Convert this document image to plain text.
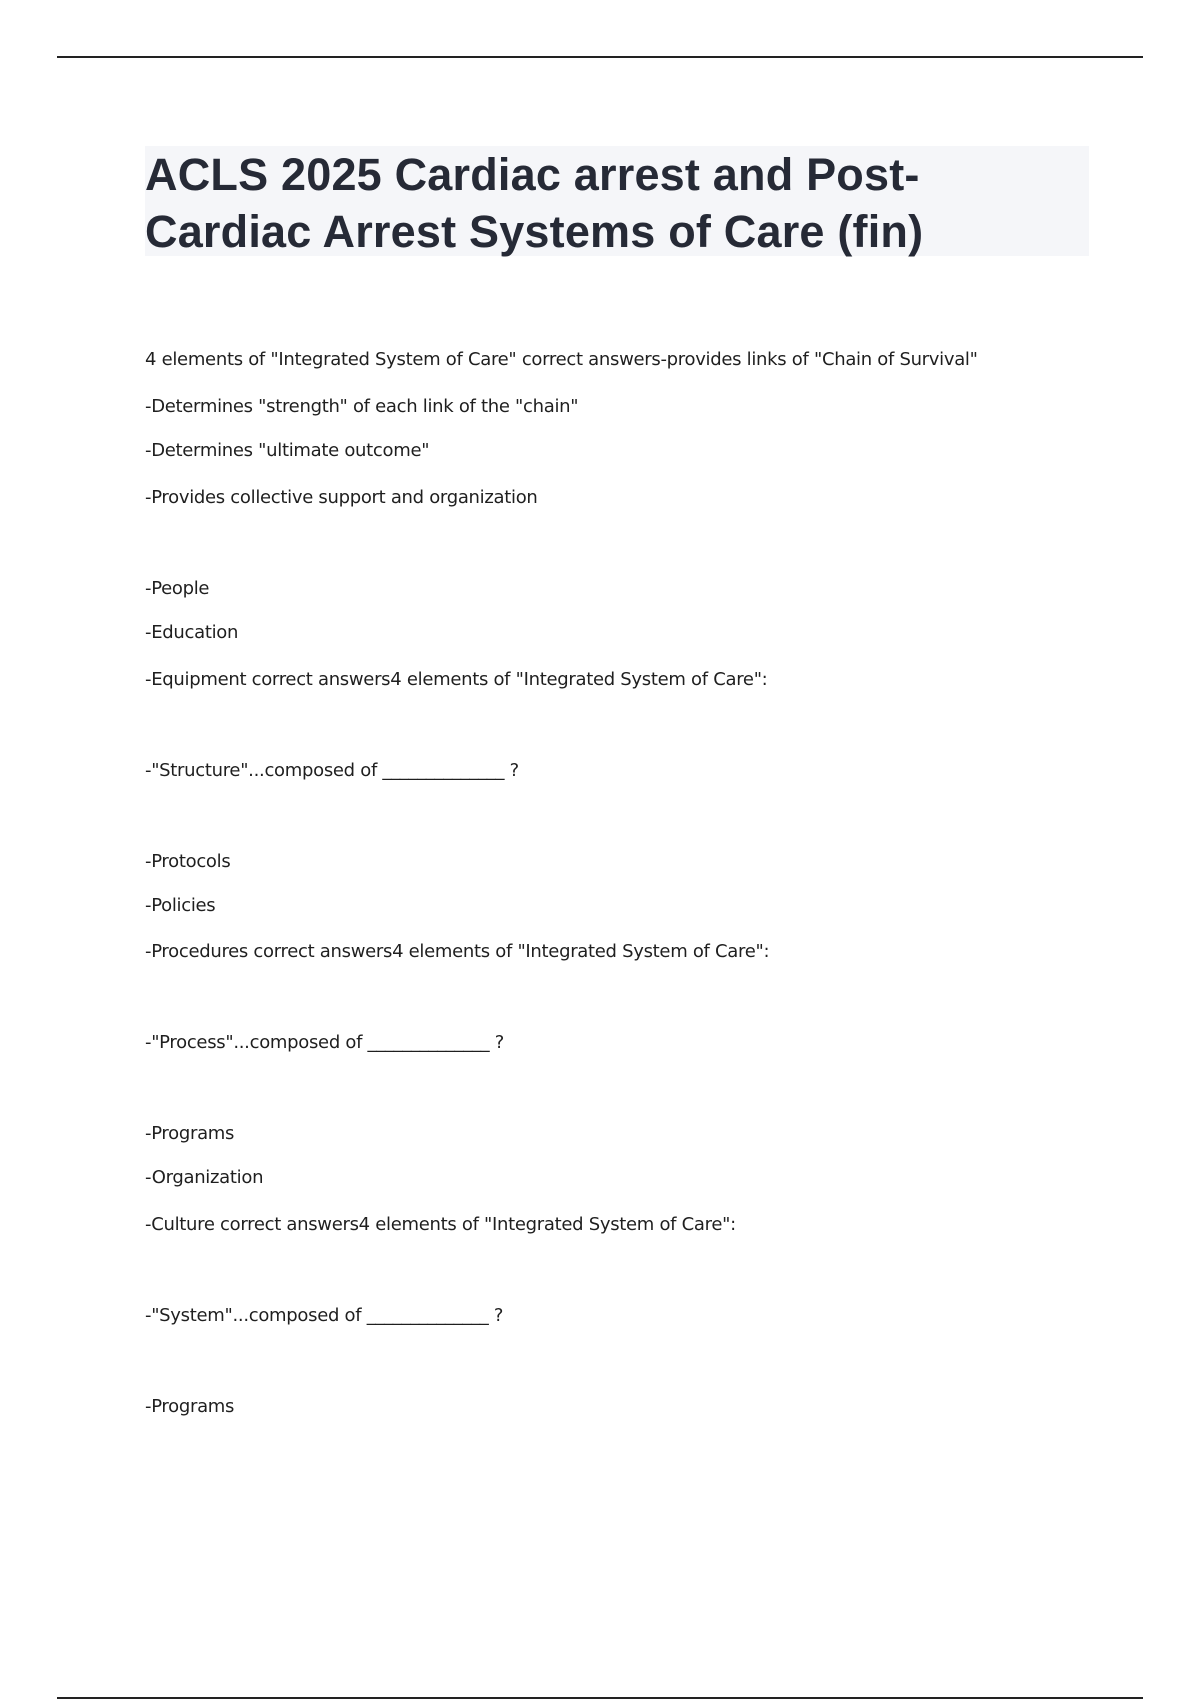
ACLS 2025 Cardiac arrest and Post-
Cardiac Arrest Systems of Care (fin)
4 elements of "Integrated System of Care" correct answers-provides links of "Chain of Survival"
-Determines "strength" of each link of the "chain"
-Determines "ultimate outcome"
-Provides collective support and organization
-People
-Education
-Equipment correct answers4 elements of "Integrated System of Care":
-"Structure"...composed of ______________ ?
-Protocols
-Policies
-Procedures correct answers4 elements of "Integrated System of Care":
-"Process"...composed of ______________ ?
-Programs
-Organization
-Culture correct answers4 elements of "Integrated System of Care":
-"System"...composed of ______________ ?
-Programs
